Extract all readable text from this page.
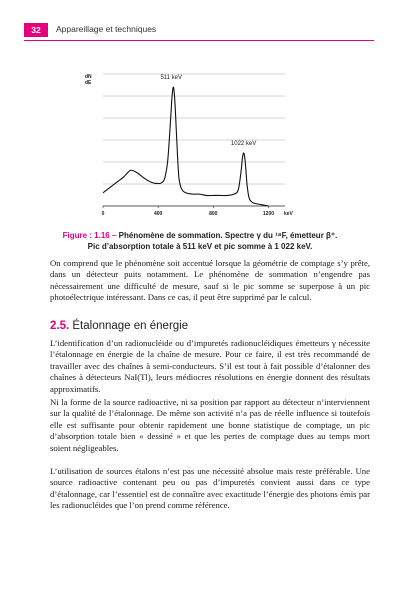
32	Appareillage et techniques
dN
dE
0	400	800	1200 keV
511 keV
1022 keV
Figure : 1.16 – Phénomène de sommation. Spectre γ du ¹⁸F, émetteur β⁺.
Pic d’absorption totale à 511 keV et pic somme à 1 022 keV.

On comprend que le phénomène soit accentué lorsque la géométrie de comptage s’y prête, dans un détecteur puits notamment. Le phénomène de sommation n’engendre pas nécessairement une difficulté de mesure, sauf si le pic somme se superpose à un pic photoélectrique intéressant. Dans ce cas, il peut être supprimé par le calcul.

2.5. Étalonnage en énergie

L’identification d’un radionucléide ou d’impuretés radionucléidiques émetteurs γ nécessite l’étalonnage en énergie de la chaîne de mesure. Pour ce faire, il est très recommandé de travailler avec des chaînes à semi-conducteurs. S’il est tout à fait possible d’étalonner des chaînes à détecteurs NaI(Tl), leurs médiocres résolutions en énergie donnent des résultats approximatifs.

Ni la forme de la source radioactive, ni sa position par rapport au détecteur n’interviennent sur la qualité de l’étalonnage. De même son activité n’a pas de réelle influence si toutefois elle est suffisante pour obtenir rapidement une bonne statistique de comptage, un pic d’absorption totale bien « dessiné » et que les pertes de comptage dues au temps mort soient négligeables.

L’utilisation de sources étalons n’est pas une nécessité absolue mais reste préférable. Une source radioactive contenant peu ou pas d’impuretés convient aussi dans ce type d’étalonnage, car l’essentiel est de connaître avec exactitude l’énergie des photons émis par les radionucléides que l’on prend comme référence.
